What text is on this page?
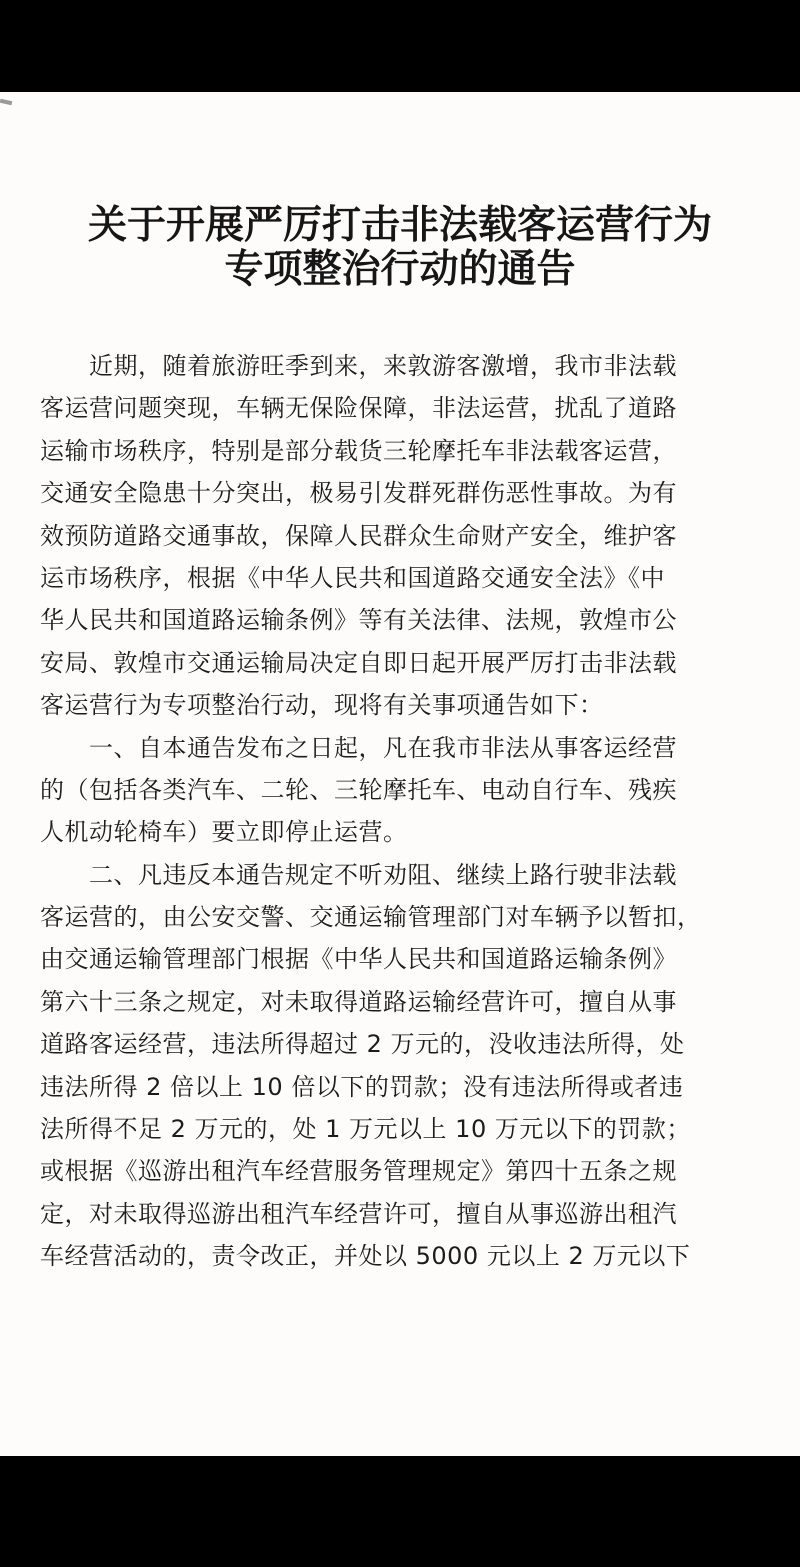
关于开展严厉打击非法载客运营行为
专项整治行动的通告
　　近期，随着旅游旺季到来，来敦游客激增，我市非法载
客运营问题突现，车辆无保险保障，非法运营，扰乱了道路
运输市场秩序，特别是部分载货三轮摩托车非法载客运营，
交通安全隐患十分突出，极易引发群死群伤恶性事故。为有
效预防道路交通事故，保障人民群众生命财产安全，维护客
运市场秩序，根据《中华人民共和国道路交通安全法》《中
华人民共和国道路运输条例》等有关法律、法规，敦煌市公
安局、敦煌市交通运输局决定自即日起开展严厉打击非法载
客运营行为专项整治行动，现将有关事项通告如下：
　　一、自本通告发布之日起，凡在我市非法从事客运经营
的（包括各类汽车、二轮、三轮摩托车、电动自行车、残疾
人机动轮椅车）要立即停止运营。
　　二、凡违反本通告规定不听劝阻、继续上路行驶非法载
客运营的，由公安交警、交通运输管理部门对车辆予以暂扣，
由交通运输管理部门根据《中华人民共和国道路运输条例》
第六十三条之规定，对未取得道路运输经营许可，擅自从事
道路客运经营，违法所得超过 2 万元的，没收违法所得，处
违法所得 2 倍以上 10 倍以下的罚款；没有违法所得或者违
法所得不足 2 万元的，处 1 万元以上 10 万元以下的罚款；
或根据《巡游出租汽车经营服务管理规定》第四十五条之规
定，对未取得巡游出租汽车经营许可，擅自从事巡游出租汽
车经营活动的，责令改正，并处以 5000 元以上 2 万元以下
